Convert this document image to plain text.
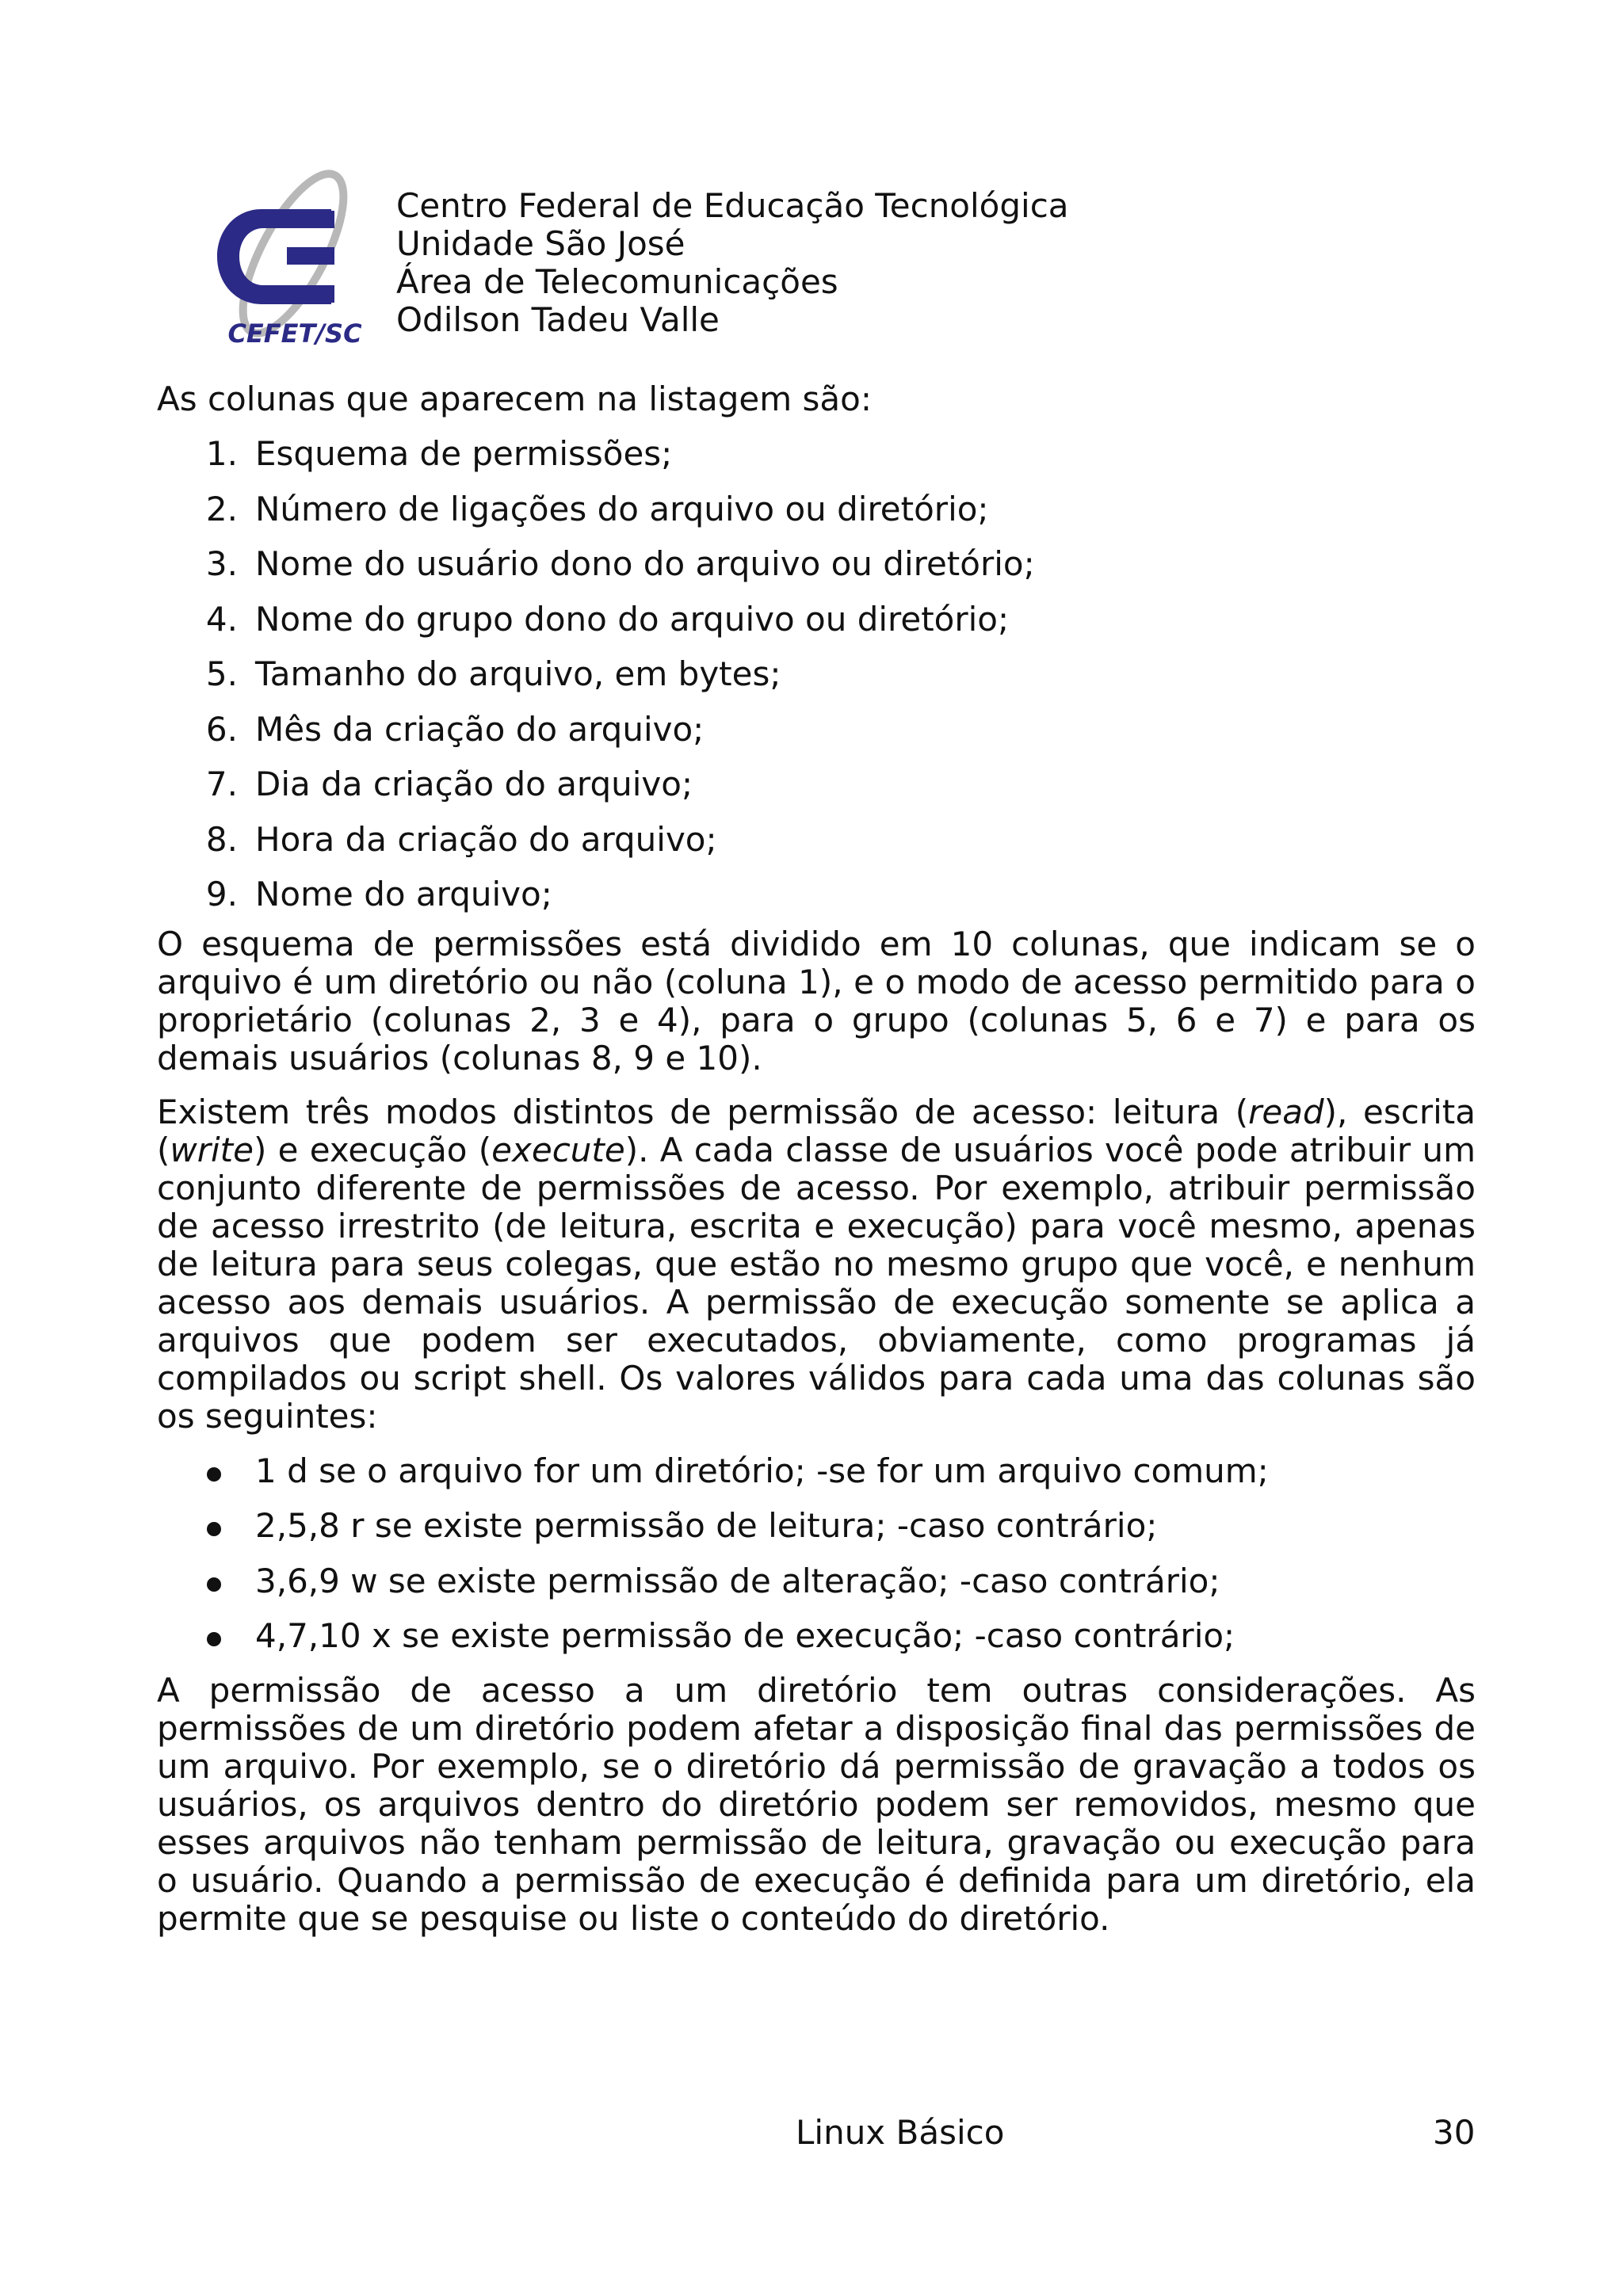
CEFET/SC
Centro Federal de Educação Tecnológica
Unidade São José
Área de Telecomunicações
Odilson Tadeu Valle

As colunas que aparecem na listagem são:

1. Esquema de permissões;
2. Número de ligações do arquivo ou diretório;
3. Nome do usuário dono do arquivo ou diretório;
4. Nome do grupo dono do arquivo ou diretório;
5. Tamanho do arquivo, em bytes;
6. Mês da criação do arquivo;
7. Dia da criação do arquivo;
8. Hora da criação do arquivo;
9. Nome do arquivo;

O esquema de permissões está dividido em 10 colunas, que indicam se o arquivo é um diretório ou não (coluna 1), e o modo de acesso permitido para o proprietário (colunas 2, 3 e 4), para o grupo (colunas 5, 6 e 7) e para os demais usuários (colunas 8, 9 e 10).

Existem três modos distintos de permissão de acesso: leitura (read), escrita (write) e execução (execute). A cada classe de usuários você pode atribuir um conjunto diferente de permissões de acesso. Por exemplo, atribuir permissão de acesso irrestrito (de leitura, escrita e execução) para você mesmo, apenas de leitura para seus colegas, que estão no mesmo grupo que você, e nenhum acesso aos demais usuários. A permissão de execução somente se aplica a arquivos que podem ser executados, obviamente, como programas já compilados ou script shell. Os valores válidos para cada uma das colunas são os seguintes:

1 d se o arquivo for um diretório; -se for um arquivo comum;
2,5,8 r se existe permissão de leitura; -caso contrário;
3,6,9 w se existe permissão de alteração; -caso contrário;
4,7,10 x se existe permissão de execução; -caso contrário;

A permissão de acesso a um diretório tem outras considerações. As permissões de um diretório podem afetar a disposição final das permissões de um arquivo. Por exemplo, se o diretório dá permissão de gravação a todos os usuários, os arquivos dentro do diretório podem ser removidos, mesmo que esses arquivos não tenham permissão de leitura, gravação ou execução para o usuário. Quando a permissão de execução é definida para um diretório, ela permite que se pesquise ou liste o conteúdo do diretório.

Linux Básico	30
